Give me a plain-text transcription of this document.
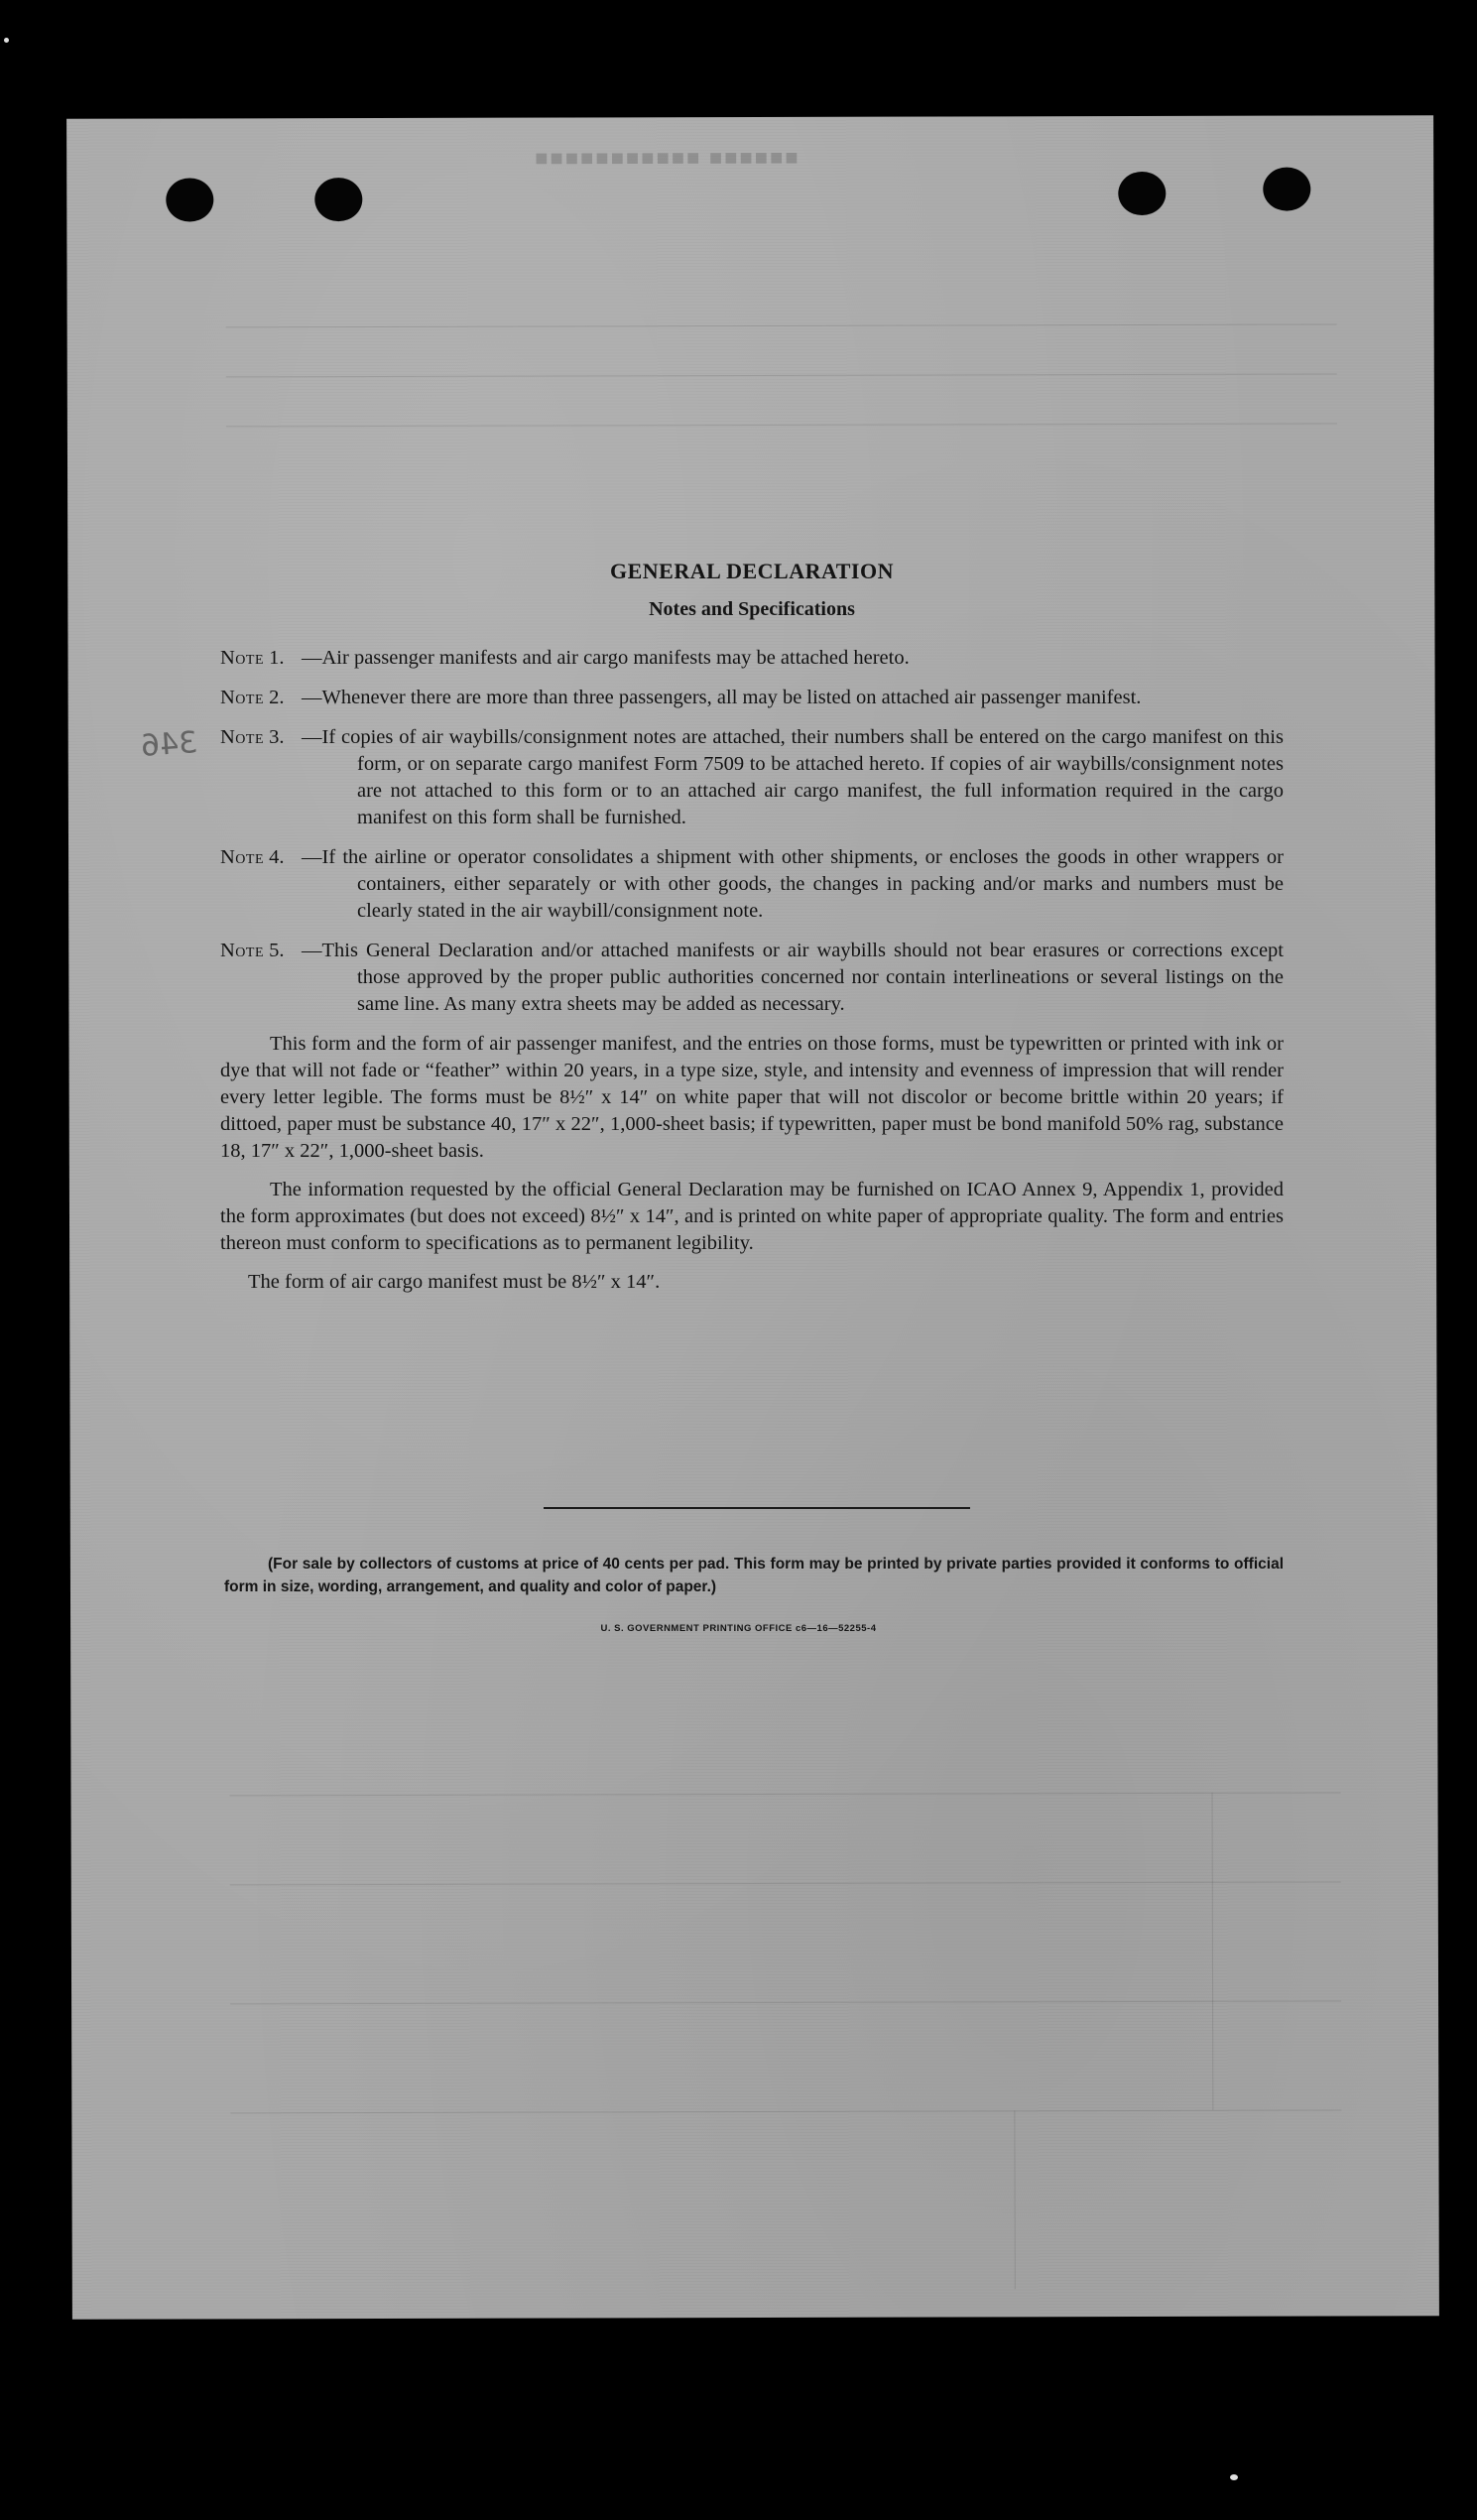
■■■■■■ ■■■■■■■■■■■
346

GENERAL DECLARATION

Notes and Specifications

Note 1. —Air passenger manifests and air cargo manifests may be attached hereto.
Note 2. —Whenever there are more than three passengers, all may be listed on attached air passenger manifest.
Note 3. —If copies of air waybills/consignment notes are attached, their numbers shall be entered on the cargo manifest on this form, or on separate cargo manifest Form 7509 to be attached hereto. If copies of air waybills/consignment notes are not attached to this form or to an attached air cargo manifest, the full information required in the cargo manifest on this form shall be furnished.
Note 4. —If the airline or operator consolidates a shipment with other shipments, or encloses the goods in other wrappers or containers, either separately or with other goods, the changes in packing and/or marks and numbers must be clearly stated in the air waybill/consignment note.
Note 5. —This General Declaration and/or attached manifests or air waybills should not bear erasures or corrections except those approved by the proper public authorities concerned nor contain interlineations or several listings on the same line. As many extra sheets may be added as necessary.

This form and the form of air passenger manifest, and the entries on those forms, must be typewritten or printed with ink or dye that will not fade or “feather” within 20 years, in a type size, style, and intensity and evenness of impression that will render every letter legible. The forms must be 8½″ x 14″ on white paper that will not discolor or become brittle within 20 years; if dittoed, paper must be substance 40, 17″ x 22″, 1,000-sheet basis; if typewritten, paper must be bond manifold 50% rag, substance 18, 17″ x 22″, 1,000-sheet basis.

The information requested by the official General Declaration may be furnished on ICAO Annex 9, Appendix 1, provided the form approximates (but does not exceed) 8½″ x 14″, and is printed on white paper of appropriate quality. The form and entries thereon must conform to specifications as to permanent legibility.

The form of air cargo manifest must be 8½″ x 14″.

(For sale by collectors of customs at price of 40 cents per pad. This form may be printed by private parties provided it conforms to official form in size, wording, arrangement, and quality and color of paper.)

U. S. GOVERNMENT PRINTING OFFICE c6—16—52255-4
